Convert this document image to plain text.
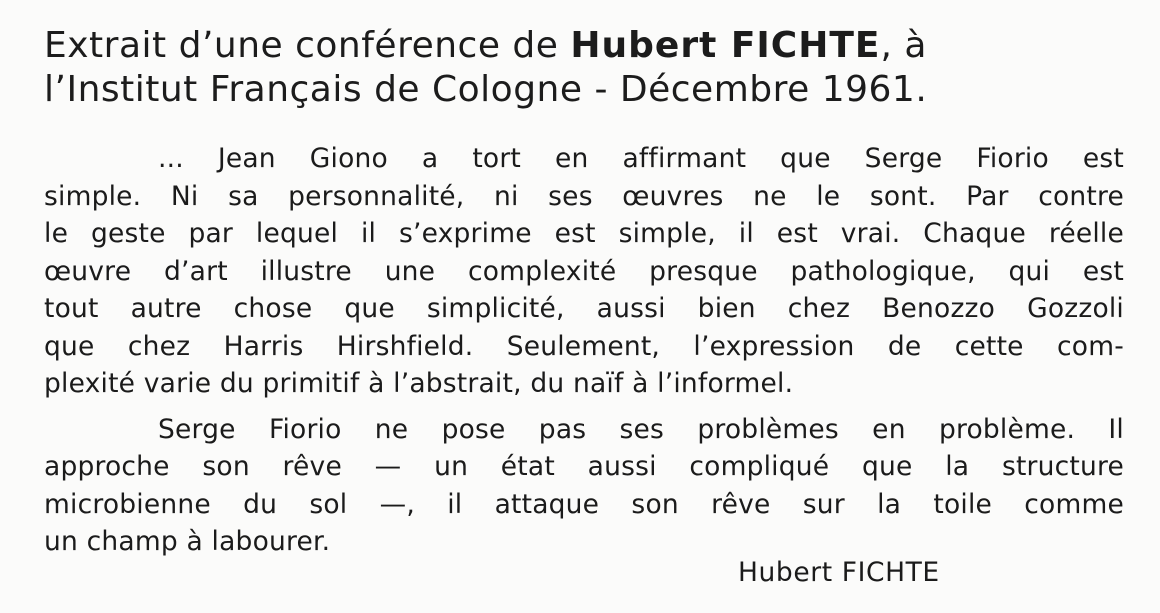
Extrait d’une conférence de Hubert FICHTE, à
l’Institut Français de Cologne - Décembre 1961.
... Jean Giono a tort en affirmant que Serge Fiorio est
simple. Ni sa personnalité, ni ses œuvres ne le sont. Par contre
le geste par lequel il s’exprime est simple, il est vrai. Chaque réelle
œuvre d’art illustre une complexité presque pathologique, qui est
tout autre chose que simplicité, aussi bien chez Benozzo Gozzoli
que chez Harris Hirshfield. Seulement, l’expression de cette com-
plexité varie du primitif à l’abstrait, du naïf à l’informel.
Serge Fiorio ne pose pas ses problèmes en problème. Il
approche son rêve — un état aussi compliqué que la structure
microbienne du sol —, il attaque son rêve sur la toile comme
un champ à labourer.
Hubert FICHTE
